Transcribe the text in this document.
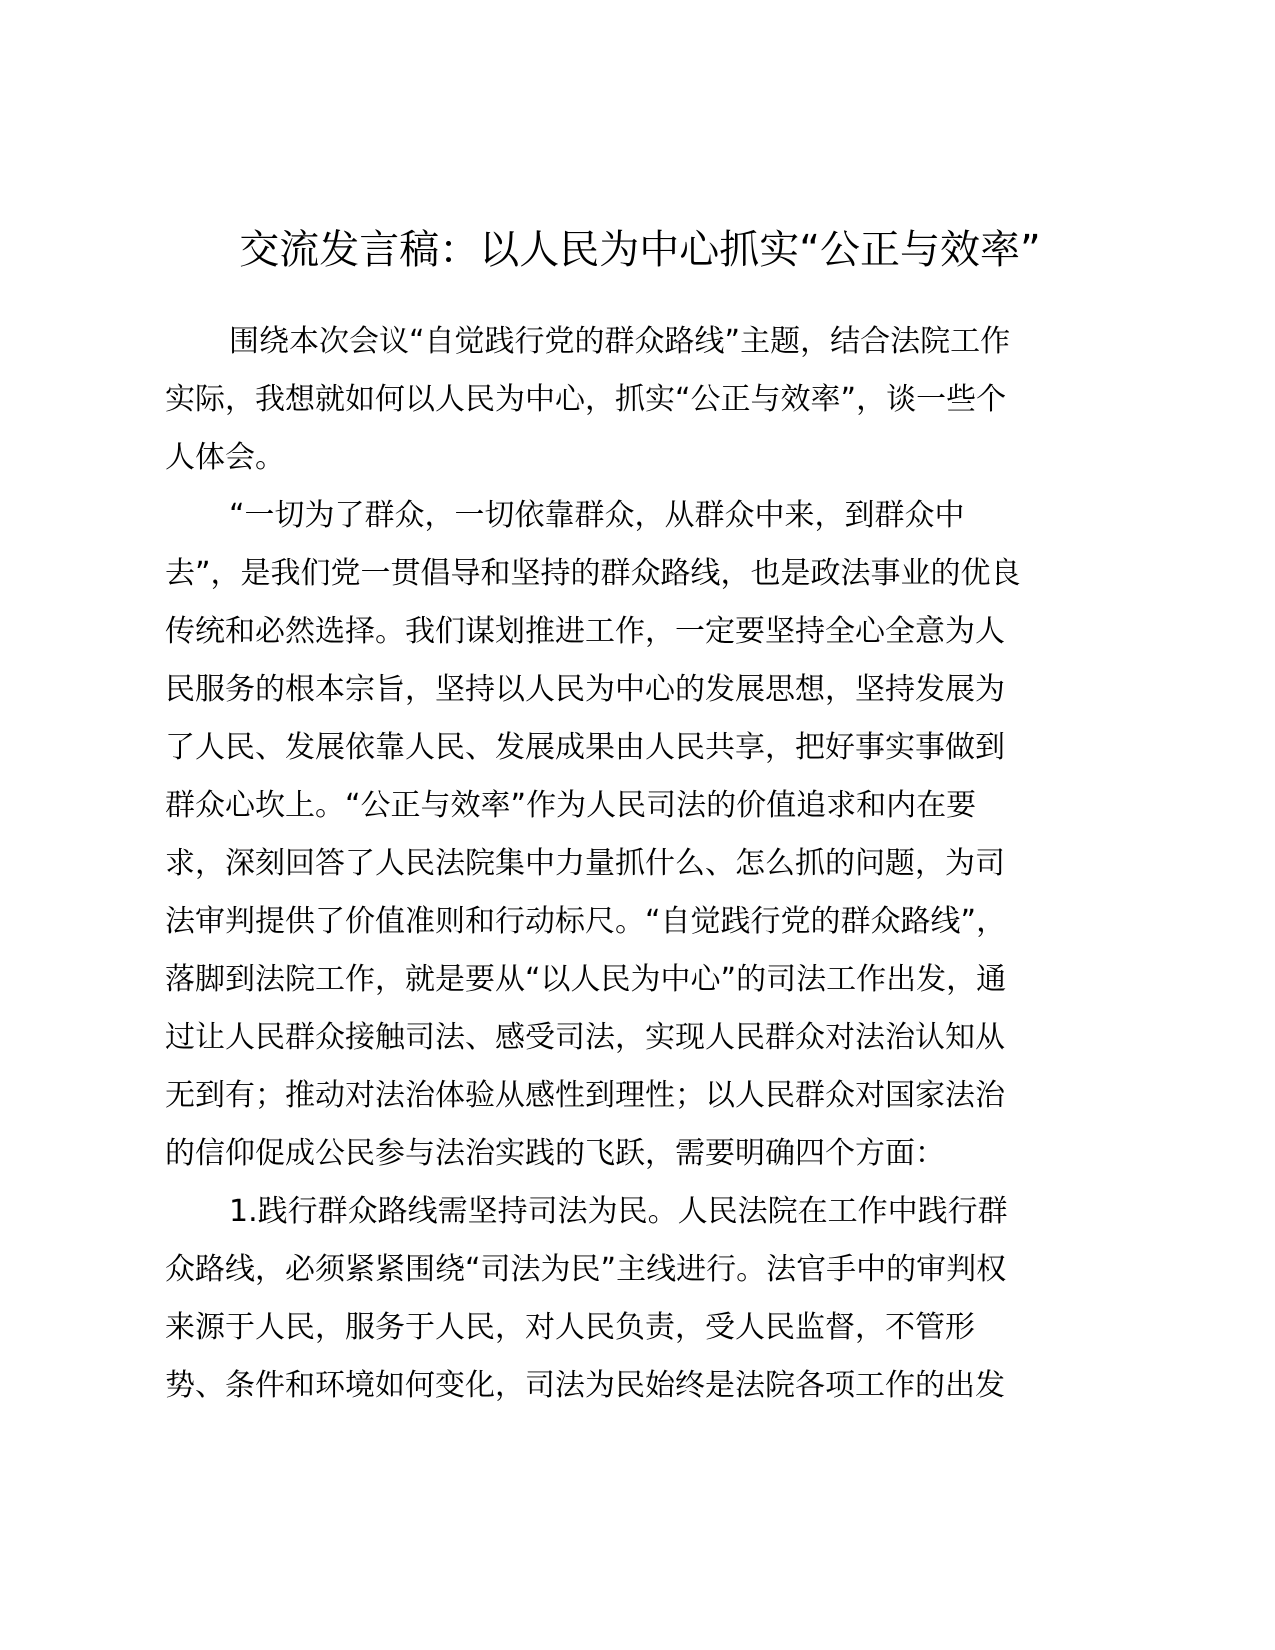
交流发言稿：以人民为中心抓实“公正与效率”
围绕本次会议“自觉践行党的群众路线”主题，结合法院工作
实际，我想就如何以人民为中心，抓实“公正与效率”，谈一些个
人体会。
“一切为了群众，一切依靠群众，从群众中来，到群众中
去”，是我们党一贯倡导和坚持的群众路线，也是政法事业的优良
传统和必然选择。我们谋划推进工作，一定要坚持全心全意为人
民服务的根本宗旨，坚持以人民为中心的发展思想，坚持发展为
了人民、发展依靠人民、发展成果由人民共享，把好事实事做到
群众心坎上。“公正与效率”作为人民司法的价值追求和内在要
求，深刻回答了人民法院集中力量抓什么、怎么抓的问题，为司
法审判提供了价值准则和行动标尺。“自觉践行党的群众路线”，
落脚到法院工作，就是要从“以人民为中心”的司法工作出发，通
过让人民群众接触司法、感受司法，实现人民群众对法治认知从
无到有；推动对法治体验从感性到理性；以人民群众对国家法治
的信仰促成公民参与法治实践的飞跃，需要明确四个方面：
1.践行群众路线需坚持司法为民。人民法院在工作中践行群
众路线，必须紧紧围绕“司法为民”主线进行。法官手中的审判权
来源于人民，服务于人民，对人民负责，受人民监督，不管形
势、条件和环境如何变化，司法为民始终是法院各项工作的出发
